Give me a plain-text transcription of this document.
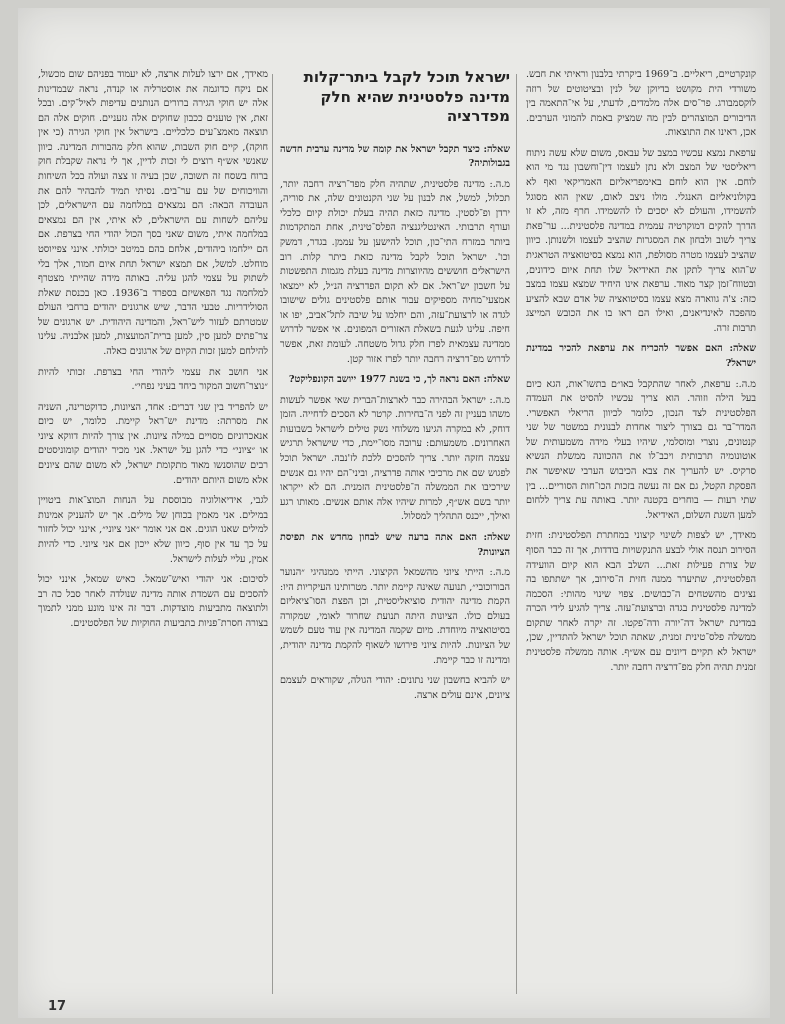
קונקרטיים, ריאליים. ב־1969 ביקרתי בלבנון וראיתי את חבש. משורדי הית מקושט בדיוקן של לנין ובציטוטים של רוזה לוקסמבורג. פר־סים אלה מלמדים, לדעתי, על אי־התאמה בין הדיבורים המוצהרים לבין מה שמציק באמת להמוני הערבים. אכן, ראינו את התוצאות.

ערפאת נמצא עכשיו במצב של עבאס, משום שלא עשה ניתוח ריאליסטי של המצב ולא נתן לעצמו דין־וחשבון נגד מי הוא לוחם. אין הוא לוחם באימפריאליזם האמריקאי ואף לא בקולוניאליזם האנגלי. מולו ניצב לאום, שאין הוא מסוגל להשמידו, והעולם לא יסכים לו להשמידו. חרף מזה, לא זו הדרך להקים דמוקרטיה עממית במדינה פלסטינית... ער־פאת צריך לשוב ולבחון את המסגרות שהציב לעצמו ולשנותן. כיוון שהציב לעצמו מטרה מסולפת, הוא נמצא בסיטואציה הטראגית ש־הוא צריך לתקן את האידיאל שלו תחת איום כידונים, ובטווח־זמן קצר מאוד. ערפאת אינו היחיד שמצא עצמו במצב כזה: צ'ה גווארה מצא עצמו בסיטואציה של אדם שבא להציע מהפכה לאינדיאנים, ואילו הם ראו בו את הכובש המייצג תרבות זרה.

שאלה: האם אפשר להכריח את ערפאת להכיר במדינת ישראל?

מ.ה.: ערפאת, לאחר שהתקבל באו״ם בתשו־אות, הגא כיום בעל הילה וזוהר. הוא צריך עכשיו להסיט את העמדה הפלסטינית לצד הנכון, כלומר לכיוון הריאלי האפשרי. המדר־בר גם בצורך ליצור אחדות לבנונית במשטר של שני קנטונים, נוצרי ומוסלמי, שיהיו בעלי מידה משמעותית של אוטונומיה תרבותית ויכב־לו את ההכוונה ממשלת הנשיא סרקיס. יש להעריך את צבא הכיבוש הערבי שאיפשר את הפסקת הקטל, גם אם זה נעשה בזכות הכו־חות הסוריים... בין שתי רעות — בוחרים בקטנה יותר. באותה עת צריך ללחום למען השגת השלום, האידיאל.

מאידך, יש לצפות לשינוי קיצוני במחתרת הפלסטינית: חזית הסירוב תנסה אולי לבצע התנקשויות בודדות, אך זה כבר הסוף של צורת פעילות זאת... השלב הבא הוא קיום הוועידה הפלסטינית, שתיעדר ממנה חזית ה־סירוב, אך ישתתפו בה נציגים מהשטחים ה־כבושים. צפוי שינוי מהותי: הסכמה למדינה פלסטינית בגדה וברצועת־עזה. צריך להגיע לידי הכרה במדינת ישראל דה־יורה ודה־פקטו. זה יקרה לאחר שתקום ממשלה פלס־טינית זמנית, שאתה תוכל ישראל להתדיין, שכן, ישראל לא תקיים דיונים עם אש״ף. אותה ממשלה פלסטינית זמנית תהיה חלק מפ־דרציה רחבה יותר.

ישראל תוכל לקבל ביתר־קלות מדינה פלסטינית שהיא חלק מפדרציה

שאלה: כיצד תקבל ישראל את קומה של מדינה ערבית חדשה בגבולותיה?

מ.ה.: מדינה פלסטינית, שתהיה חלק מפד־רציה רחבה יותר, תכלול, למשל, את לבנון על שני הקנטונים שלה, את סוריה, ירדן ופ־לסטין. מדינה כזאת תהיה בעלת יכולת קיום כלכלי ועורף תרבותי. האינטליגנציה הפלס־טינית, אחת המתקדמות ביותר במזרח התי־כון, תוכל להישען על עממן. בגדר, דמשק וכו'. ישראל תוכל לקבל מדינה כזאת ביתר קלות. רוב הישראלים חוששים מהיווצרות מדינה בעלת מגמות התפשטות על חשבון יש־ראל. אם לא תקום הפדרציה הנ״ל, לא יימצאו אמצעי־מחיה מספיקים עבור אותם פלסטינים גולים שישובו לגדה או לרצועת־עזה, והם יחלמו על שיבה לתל־אביב, יפו או חיפה. עלינו לגעת בשאלת האזורים המפונים. אי אפשר לדרוש ממדינה עצמאית לפרז חלק גדול משטחה. לעומת זאת, אפשר לדרוש מפ־דרציה רחבה יותר לפרז אזור קטן.

שאלה: האם נראה לך, כי בשנת 1977 ייושב הקונפליקט?

מ.ה.: ישראל הבהירה כבר לארצות־הברית שאי אפשר לעשות משהו בעניין זה לפני ה־בחירות. קרטר לא הסכים לדחייה. הזמן דוחק, לא במקרה הגיעו משלוחי נשק טילים לישראל בשבועות האחרונים. משמעותם: ערובה מסו־יימת, כדי שישראל תרגיש עצמה חזקה יותר. צריך להסכים ללכת לז'נבה. ישראל תוכל לפגוש שם את מרכיבי אותה פדרציה, וביני־הם יהיו גם אנשים שירכיבו את הממשלה ה־פלסטינית הזמנית. הם לא ייקראו יותר בשם אש״ף, למרות שיהיו אלה אותם אנשים. מאותו רגע ואילך, ייכנס התהליך למסלול.

שאלה: האם אתה ברעה שיש לבחון מחדש את תפיסת הציונות?

מ.ה.: הייתי ציוני מהשמאל הקיצוני. הייתי ממנהיגי ״הנוער הבורוכובי״, תנועה שאינה קיימת יותר. מטרותינו העיקריות היו: הקמת מדינה יהודית סוציאליסטית, וכן הפצת הסו־ציאליזם בעולם כולו. הציונות היתה תנועת שחרור לאומי, שמקורה בסיטואציה מיוחדת. מיום שקמה המדינה אין עוד טעם לשמש של הציונות. להיות ציוני פירושו לשאוף להקמת מדינה יהודית, ומדינה זו כבר קיימת.

יש להביא בחשבון שני נתונים: יהודי הגולה, שקוראים לעצמם ציונים, אינם עולים ארצה.

מאידך, אם ירצו לעלות ארצה, לא יעמוד בפניהם שום מכשול, אם ניקח כדוגמה את אוסטרליה או קנדה, נראה שבמדינות אלה יש חוקי הגירה ברורים הנותנים עדיפות לאיל־קים. ובכל זאת, אין טוענים ככבון שחוקים אלה גזעניים. חוקים אלה הם תוצאה מאמצ־עים כלכליים. בישראל אין חוקי הגירה (כי אין חוקה), קיים חוק השבות, שהוא חלק מהבורות המדינה. כיוון שאנשי אש״ף רוצים לי זכות לדיין, אך לי נראה שקבלת חוק ברוח בשסח זה תשובה, שכן בעיה זו צצה ועולה בכל השיחות והוויכוחים של עם ער־בים. נסיתי תמיד להבהיר להם את העובדה הבאה: הם נמצאים במלחמה עם הישראלים, לכן עליהם לשחות עם הישראלים, לא איתי, אין הם נמצאים במלחמה איתי, משום שאני בסך הכול יהודי החי בצרפת. אם הם יילחמו ביהודים, אלחם בהם במיטב יכולתי. אינני צפייוסט מוחלט. למשל, אם תמצא ישראל תחת איום חמור, אלך בלי לשתוק על עצמי להגן עליה. באותה מידה שהייתי מצטרף למלחמה נגד הפאשיזם בספרד ב־1936. כאן בכנסת שאלת הסולידריות. טבעי הדבר, שיש ארגונים יהודים ברחבי העולם שמטרתם לעזור ליש־ראל, והמדינה היהודית. יש ארגונים של צר־פתים למען סין, למען ברית־המועצות, למען אלבניה. עלינו להילחם למען זכות הקיום של ארגונים כאלה.

אני חושב את עצמי ליהודי החי בצרפת. זכותי להיות ״נוצר־חשוב המקור ביחד בעיני נפחי״.

יש להפריד בין שני דברים: אחד, הציונות, כדוקטרינה, השניה את מסרתה: מדינת יש־ראל קיימת. כלומר, יש כיום אנאכרוניזם מסויים במילה ציונות. אין צורך להיות דווקא ציוני או ״ציוני״ כדי להגן על ישראל. אני מכיר יהודים קומוניסטים רבים שהוסנשו מאוד מתקומת ישראל, לא משום שהם ציונים אלא משום היותם יהודים.

לגבי, אידיאולוגיה מבוססת על הנחות המוצ־אות ביטויין במילים. אני מאמין בכוחן של מילים. אך יש להעניק אמינות למילים שאנו הוגים. אם אני אומר ״אני ציוני״, אינני יכול לחזור על כך עד אין סוף, כיוון שלא ייכון אם אני ציוני. כדי להיות אמין, עליי לעלות לישראל.

לסיכום: אני יהודי ואיש־שמאל. כאיש שמאל, אינני יכול להסכים עם השמדת אותה מדינה שנולדה לאחר סבל כה רב ולתוצאה מתביעות מוצדקות. דבר זה אינו מונע ממני לתמוך בצורה חסרת־פניות בתביעות החוקיות של הפלסטינים.

17
